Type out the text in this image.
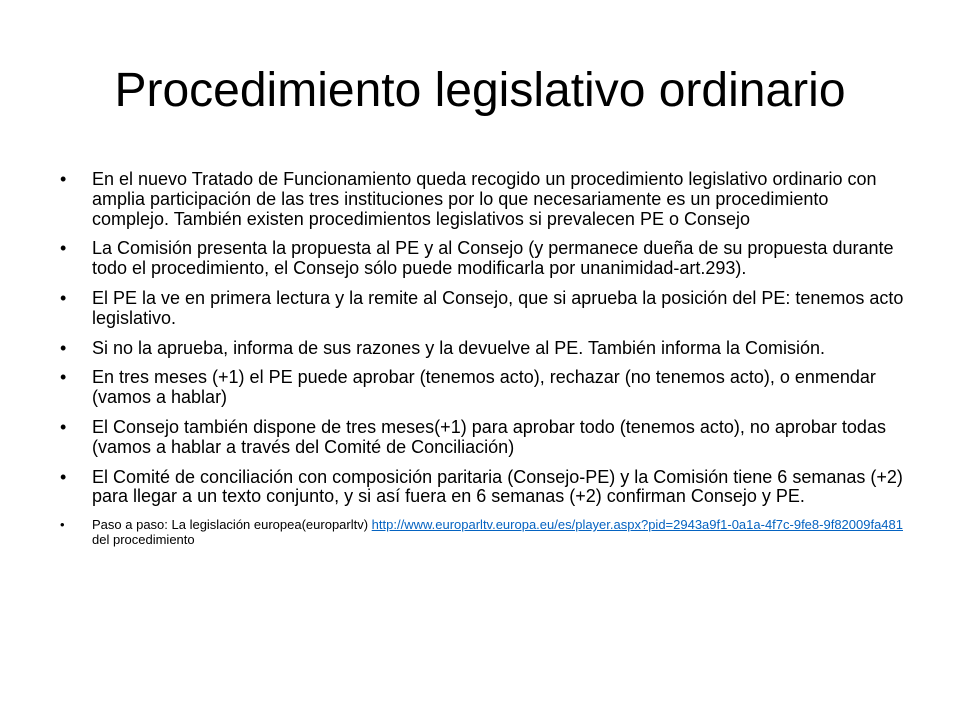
Procedimiento legislativo ordinario
• En el nuevo Tratado de Funcionamiento queda recogido un procedimiento legislativo ordinario con amplia participación de las tres instituciones por lo que necesariamente es un procedimiento complejo. También existen procedimientos legislativos si prevalecen PE o Consejo
• La Comisión presenta la propuesta al PE y al Consejo (y permanece dueña de su propuesta durante todo el procedimiento, el Consejo sólo puede modificarla por unanimidad-art.293).
• El PE la ve en primera lectura y la remite al Consejo, que si aprueba la posición del PE: tenemos acto legislativo.
• Si no la aprueba, informa de sus razones y la devuelve al PE. También informa la Comisión.
• En tres meses (+1) el PE puede aprobar (tenemos acto), rechazar (no tenemos acto), o enmendar (vamos a hablar)
• El Consejo también dispone de tres meses(+1) para aprobar todo (tenemos acto), no aprobar todas (vamos a hablar a través del Comité de Conciliación)
• El Comité de conciliación con composición paritaria (Consejo-PE) y la Comisión tiene 6 semanas (+2) para llegar a un texto conjunto, y si así fuera en 6 semanas (+2) confirman Consejo y PE.
• Paso a paso: La legislación europea(europarltv) http://www.europarltv.europa.eu/es/player.aspx?pid=2943a9f1-0a1a-4f7c-9fe8-9f82009fa481 del procedimiento
